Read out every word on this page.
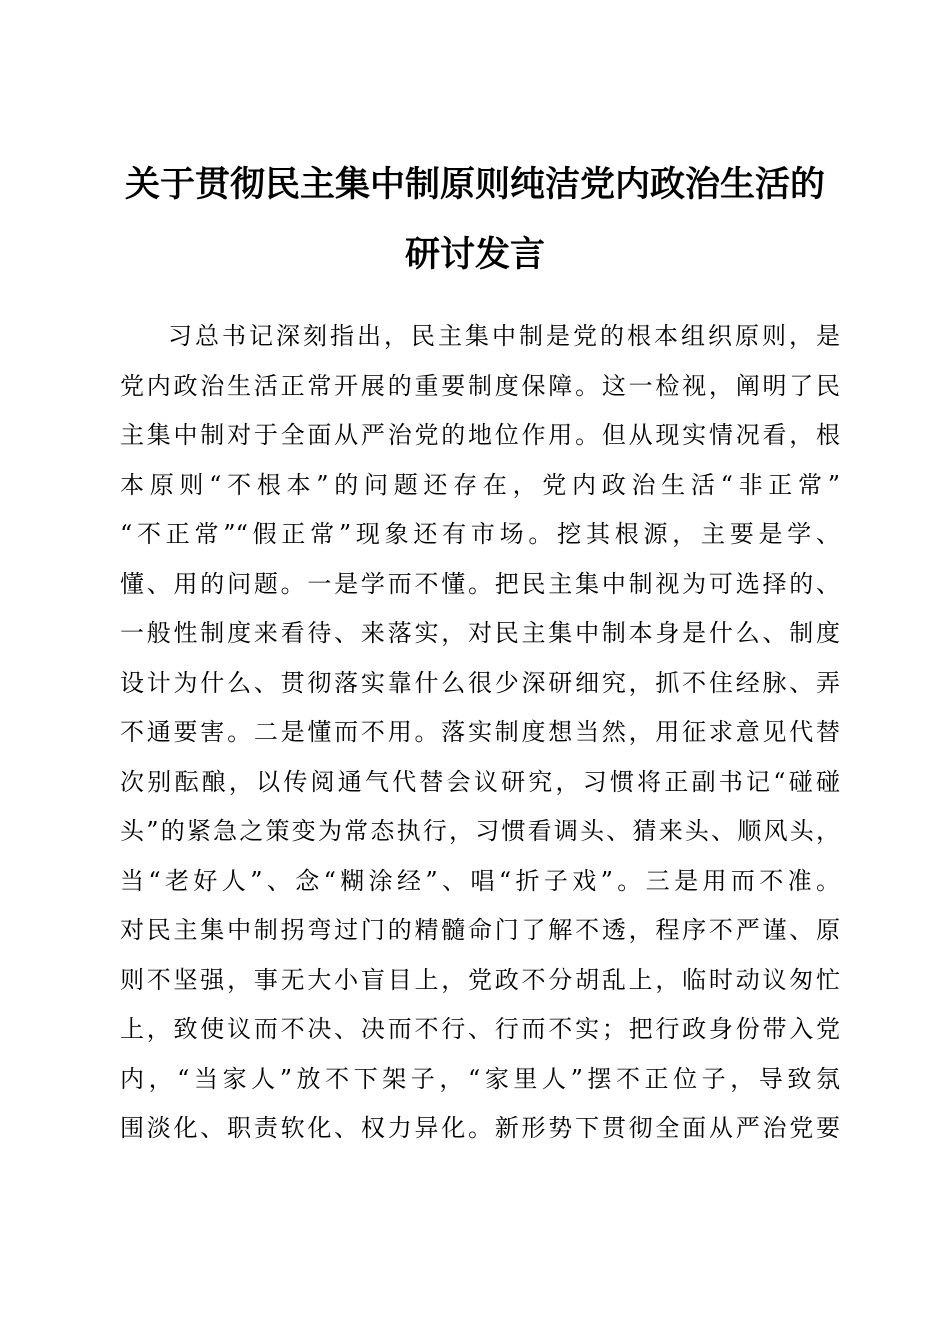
关于贯彻民主集中制原则纯洁党内政治生活的
研讨发言
习总书记深刻指出，民主集中制是党的根本组织原则，是
党内政治生活正常开展的重要制度保障。这一检视，阐明了民
主集中制对于全面从严治党的地位作用。但从现实情况看，根
本原则“不根本”的问题还存在，党内政治生活“非正常”
“不正常”“假正常”现象还有市场。挖其根源，主要是学、
懂、用的问题。一是学而不懂。把民主集中制视为可选择的、
一般性制度来看待、来落实，对民主集中制本身是什么、制度
设计为什么、贯彻落实靠什么很少深研细究，抓不住经脉、弄
不通要害。二是懂而不用。落实制度想当然，用征求意见代替
次别酝酿，以传阅通气代替会议研究，习惯将正副书记“碰碰
头”的紧急之策变为常态执行，习惯看调头、猜来头、顺风头，
当“老好人”、念“糊涂经”、唱“折子戏”。三是用而不准。
对民主集中制拐弯过门的精髓命门了解不透，程序不严谨、原
则不坚强，事无大小盲目上，党政不分胡乱上，临时动议匆忙
上，致使议而不决、决而不行、行而不实；把行政身份带入党
内，“当家人”放不下架子，“家里人”摆不正位子，导致氛
围淡化、职责软化、权力异化。新形势下贯彻全面从严治党要
